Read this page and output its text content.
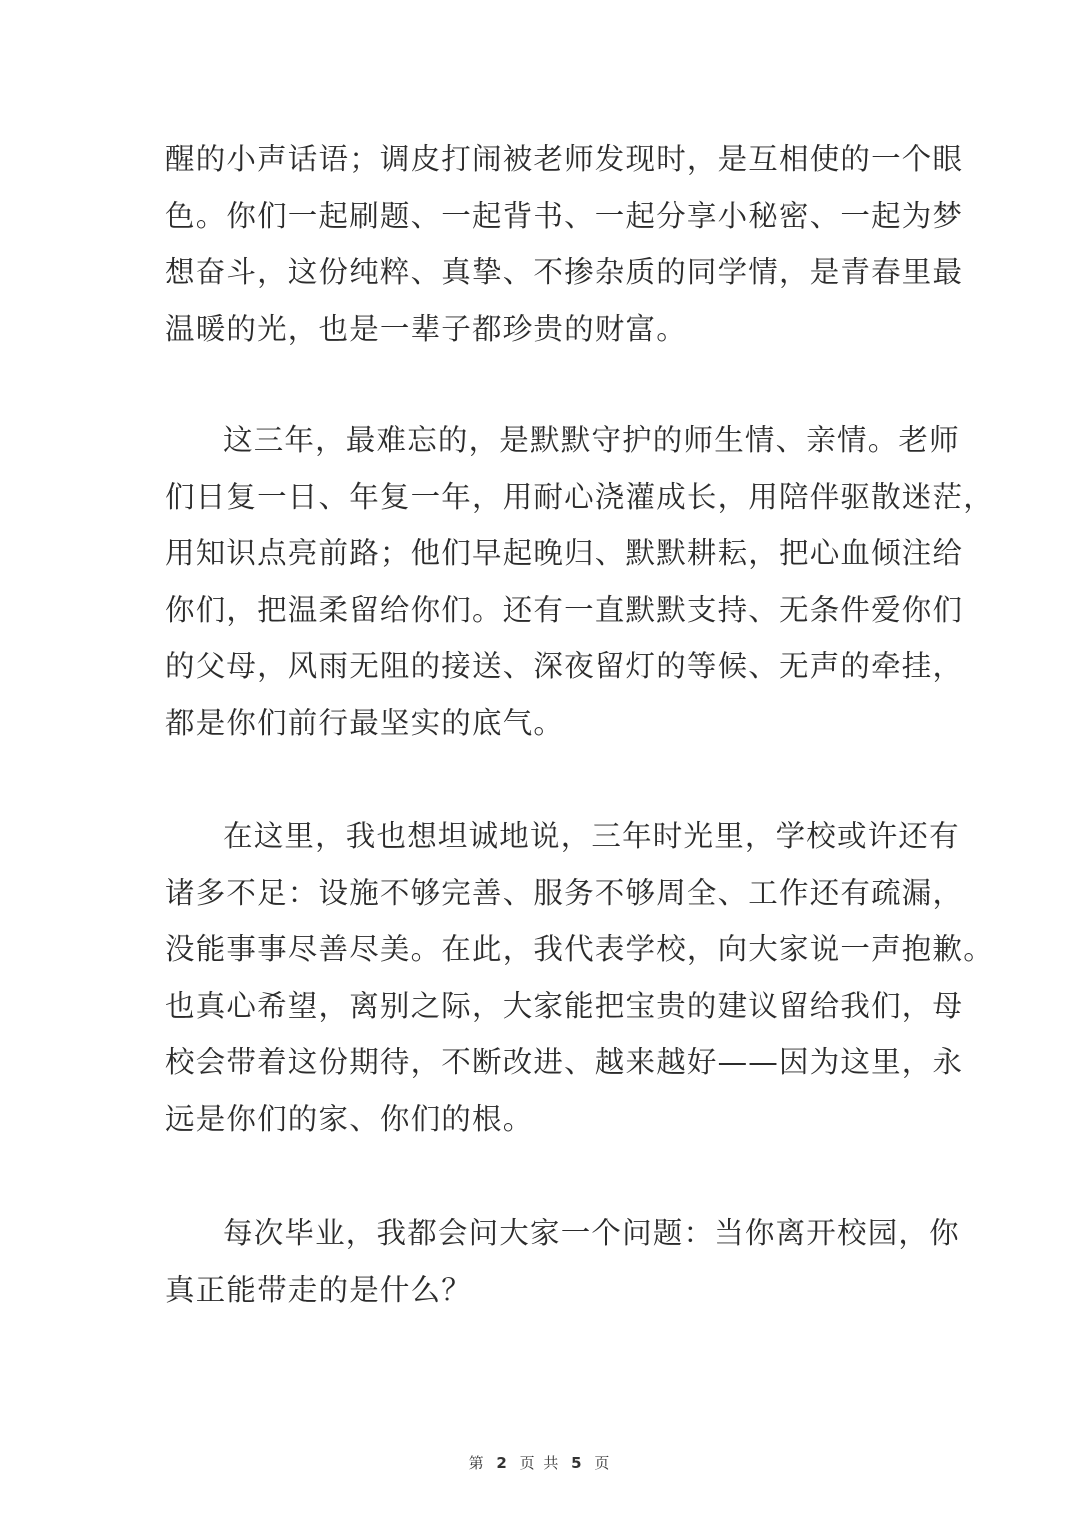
醒的小声话语；调皮打闹被老师发现时，是互相使的一个眼
色。你们一起刷题、一起背书、一起分享小秘密、一起为梦
想奋斗，这份纯粹、真挚、不掺杂质的同学情，是青春里最
温暖的光，也是一辈子都珍贵的财富。
这三年，最难忘的，是默默守护的师生情、亲情。老师
们日复一日、年复一年，用耐心浇灌成长，用陪伴驱散迷茫，
用知识点亮前路；他们早起晚归、默默耕耘，把心血倾注给
你们，把温柔留给你们。还有一直默默支持、无条件爱你们
的父母，风雨无阻的接送、深夜留灯的等候、无声的牵挂，
都是你们前行最坚实的底气。
在这里，我也想坦诚地说，三年时光里，学校或许还有
诸多不足：设施不够完善、服务不够周全、工作还有疏漏，
没能事事尽善尽美。在此，我代表学校，向大家说一声抱歉。
也真心希望，离别之际，大家能把宝贵的建议留给我们，母
校会带着这份期待，不断改进、越来越好——因为这里，永
远是你们的家、你们的根。
每次毕业，我都会问大家一个问题：当你离开校园，你
真正能带走的是什么？
第 2 页 共 5 页
